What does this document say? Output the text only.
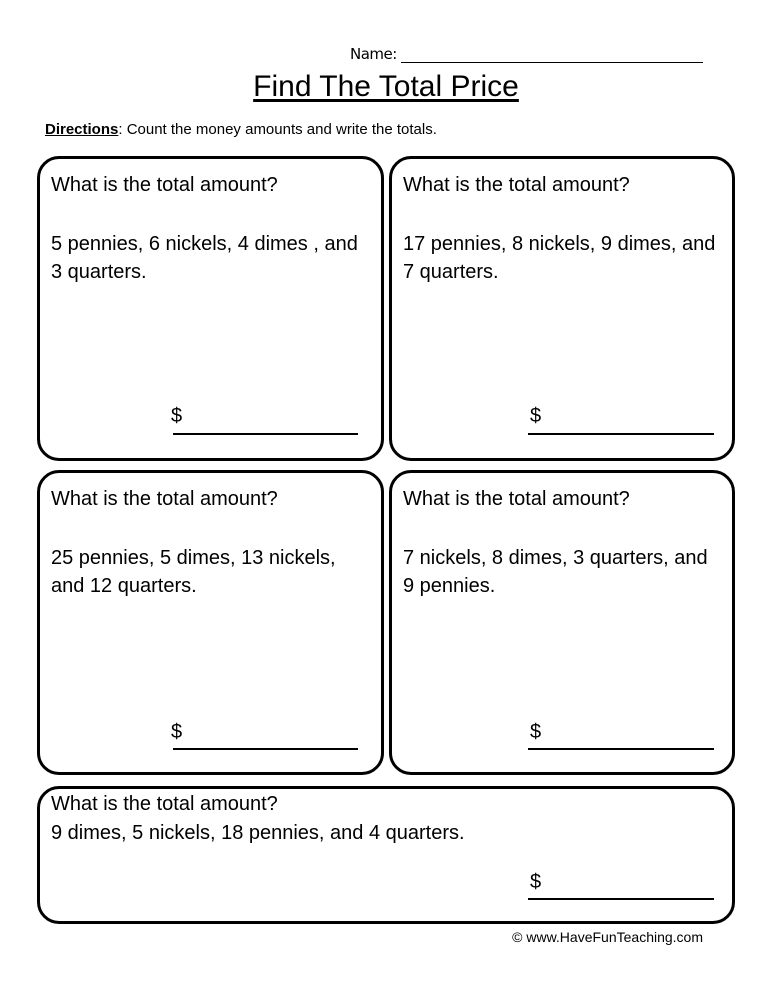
Name:
Find The Total Price
Directions: Count the money amounts and write the totals.
What is the total amount?
5 pennies, 6 nickels, 4 dimes , and 3 quarters.
$
What is the total amount?
17 pennies, 8 nickels, 9 dimes, and 7 quarters.
$
What is the total amount?
25 pennies, 5 dimes, 13 nickels, and 12 quarters.
$
What is the total amount?
7 nickels, 8 dimes, 3 quarters, and 9 pennies.
$
What is the total amount?
9 dimes, 5 nickels, 18 pennies, and 4 quarters.
$
© www.HaveFunTeaching.com
